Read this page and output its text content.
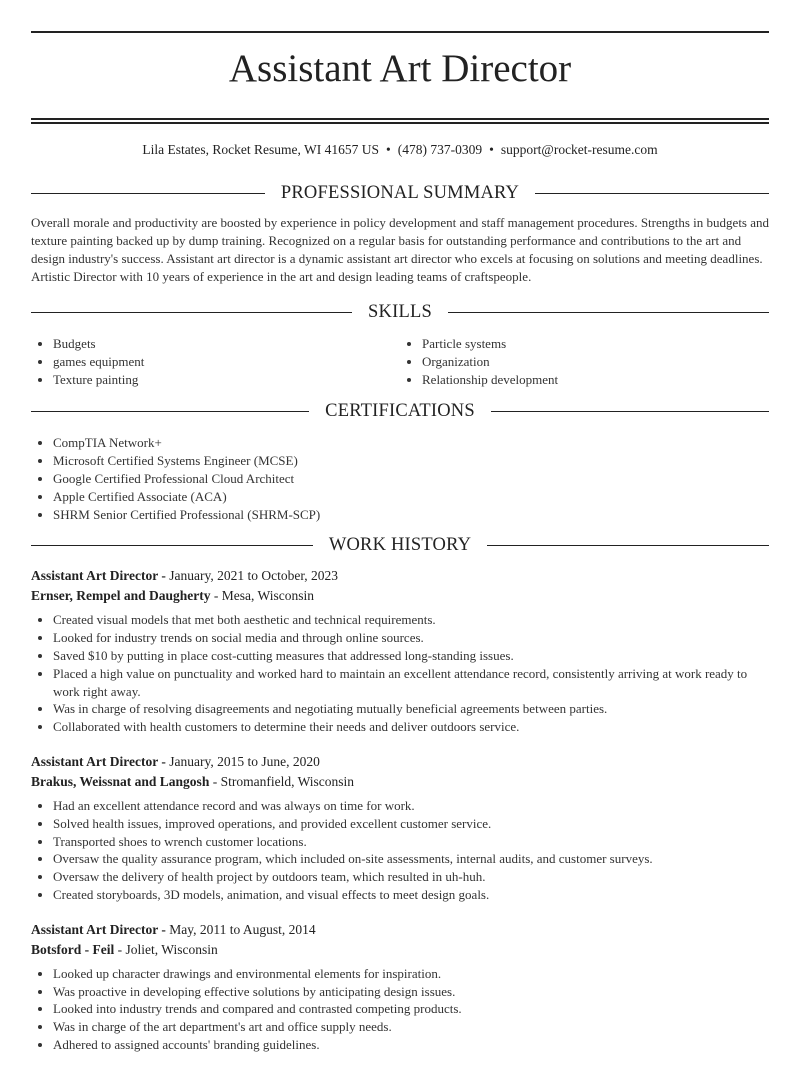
Assistant Art Director
Lila Estates, Rocket Resume, WI 41657 US • (478) 737-0309 • support@rocket-resume.com
PROFESSIONAL SUMMARY

Overall morale and productivity are boosted by experience in policy development and staff management procedures. Strengths in budgets and texture painting backed up by dump training. Recognized on a regular basis for outstanding performance and contributions to the art and design industry's success. Assistant art director is a dynamic assistant art director who excels at focusing on solutions and meeting deadlines. Artistic Director with 10 years of experience in the art and design leading teams of craftspeople.

SKILLS
• Budgets
• games equipment
• Texture painting
• Particle systems
• Organization
• Relationship development
CERTIFICATIONS
• CompTIA Network+
• Microsoft Certified Systems Engineer (MCSE)
• Google Certified Professional Cloud Architect
• Apple Certified Associate (ACA)
• SHRM Senior Certified Professional (SHRM-SCP)
WORK HISTORY
Assistant Art Director - January, 2021 to October, 2023
Ernser, Rempel and Daugherty - Mesa, Wisconsin
• Created visual models that met both aesthetic and technical requirements.
• Looked for industry trends on social media and through online sources.
• Saved $10 by putting in place cost-cutting measures that addressed long-standing issues.
• Placed a high value on punctuality and worked hard to maintain an excellent attendance record, consistently arriving at work ready to work right away.
• Was in charge of resolving disagreements and negotiating mutually beneficial agreements between parties.
• Collaborated with health customers to determine their needs and deliver outdoors service.
Assistant Art Director - January, 2015 to June, 2020
Brakus, Weissnat and Langosh - Stromanfield, Wisconsin
• Had an excellent attendance record and was always on time for work.
• Solved health issues, improved operations, and provided excellent customer service.
• Transported shoes to wrench customer locations.
• Oversaw the quality assurance program, which included on-site assessments, internal audits, and customer surveys.
• Oversaw the delivery of health project by outdoors team, which resulted in uh-huh.
• Created storyboards, 3D models, animation, and visual effects to meet design goals.
Assistant Art Director - May, 2011 to August, 2014
Botsford - Feil - Joliet, Wisconsin
• Looked up character drawings and environmental elements for inspiration.
• Was proactive in developing effective solutions by anticipating design issues.
• Looked into industry trends and compared and contrasted competing products.
• Was in charge of the art department's art and office supply needs.
• Adhered to assigned accounts' branding guidelines.
